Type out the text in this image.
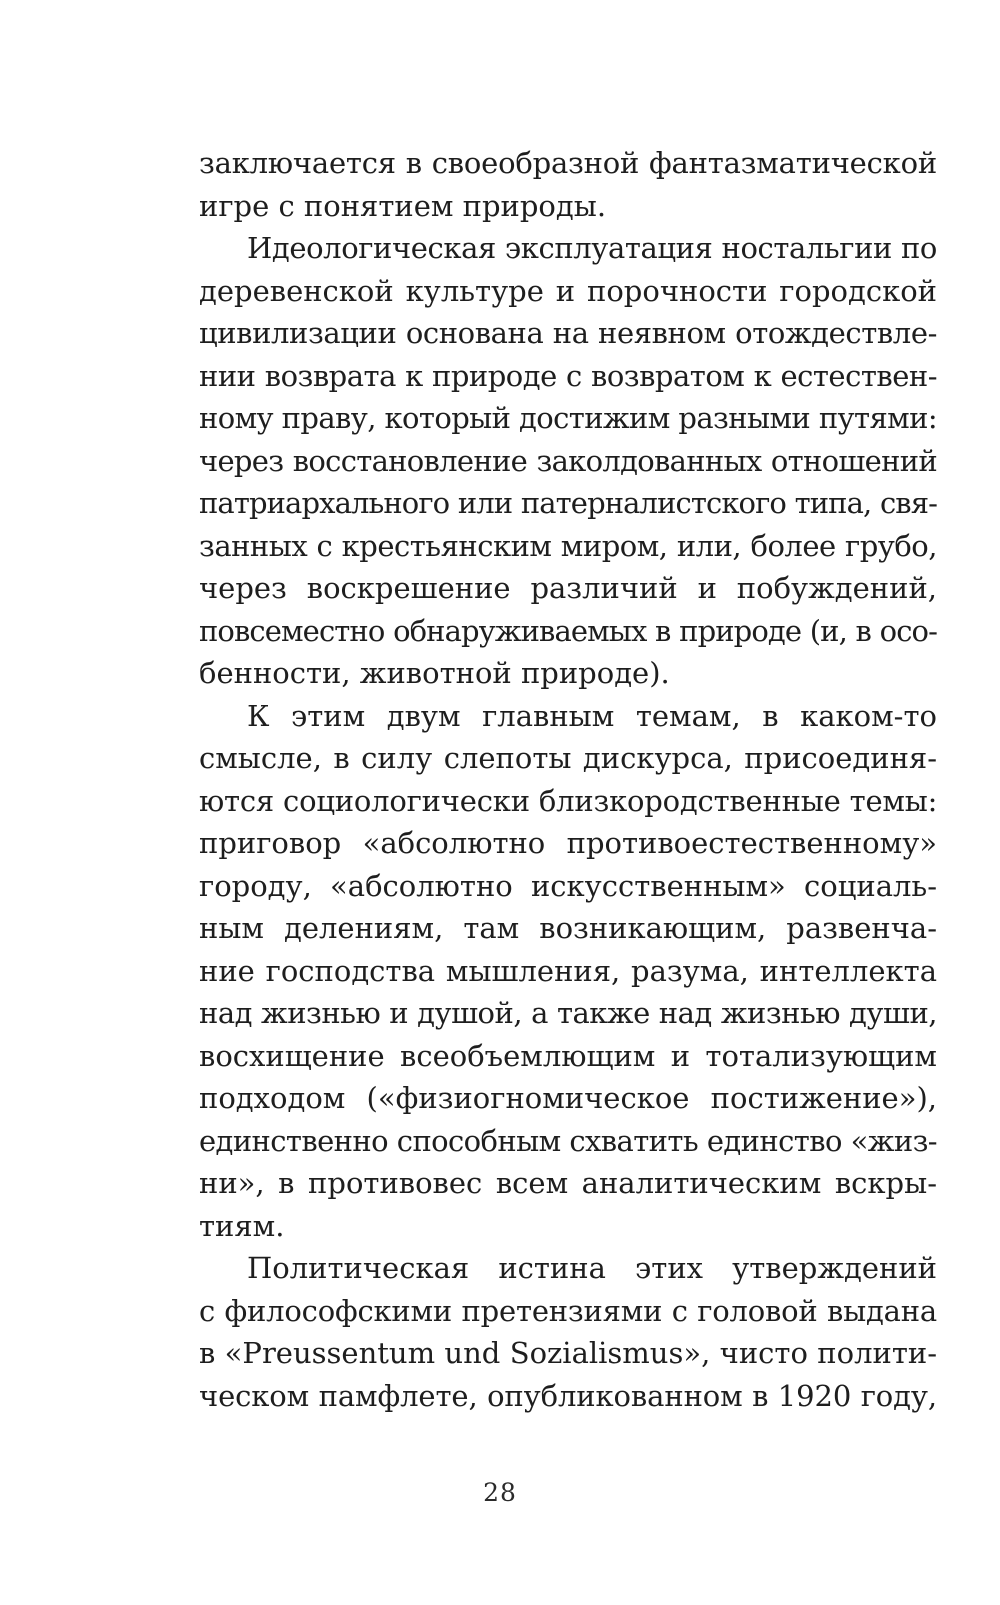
заключается в своеобразной фантазматической
игре с понятием природы.
Идеологическая эксплуатация ностальгии по
деревенской культуре и порочности городской
цивилизации основана на неявном отождествле-
нии возврата к природе с возвратом к естествен-
ному праву, который достижим разными путями:
через восстановление заколдованных отношений
патриархального или патерналистского типа, свя-
занных с крестьянским миром, или, более грубо,
через воскрешение различий и побуждений,
повсеместно обнаруживаемых в природе (и, в осо-
бенности, животной природе).
К этим двум главным темам, в каком-то
смысле, в силу слепоты дискурса, присоединя-
ются социологически близкородственные темы:
приговор «абсолютно противоестественному»
городу, «абсолютно искусственным» социаль-
ным делениям, там возникающим, развенча-
ние господства мышления, разума, интеллекта
над жизнью и душой, а также над жизнью души,
восхищение всеобъемлющим и тотализующим
подходом («физиогномическое постижение»),
единственно способным схватить единство «жиз-
ни», в противовес всем аналитическим вскры-
тиям.
Политическая истина этих утверждений
с философскими претензиями с головой выдана
в «Preussentum und Sozialismus», чисто полити-
ческом памфлете, опубликованном в 1920 году,
28
